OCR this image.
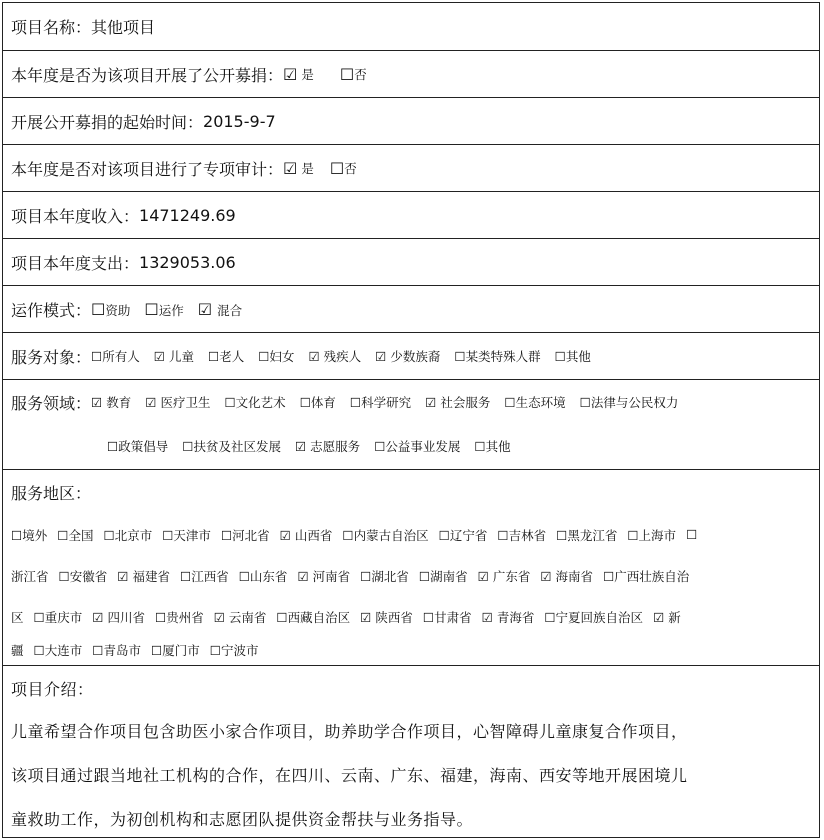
项目名称： 其他项目
本年度是否为该项目开展了公开募捐： ☑ 是 ☐ 否
开展公开募捐的起始时间： 2015-9-7
本年度是否对该项目进行了专项审计： ☑ 是 ☐ 否
项目本年度收入： 1471249.69
项目本年度支出： 1329053.06
运作模式： ☐资助 ☐运作 ☑ 混合
服务对象： ☐所有人 ☑ 儿童 ☐老人 ☐妇女 ☑ 残疾人 ☑ 少数族裔 ☐某类特殊人群 ☐其他
服务领域： ☑ 教育 ☑ 医疗卫生 ☐文化艺术 ☐体育 ☐科学研究 ☑ 社会服务 ☐生态环境 ☐法律与公民权力
☐政策倡导 ☐扶贫及社区发展 ☑ 志愿服务 ☐公益事业发展 ☐其他
服务地区：
☐境外 ☐全国 ☐北京市 ☐天津市 ☐河北省 ☑ 山西省 ☐内蒙古自治区 ☐辽宁省 ☐吉林省 ☐黑龙江省 ☐上海市 ☐
浙江省 ☐安徽省 ☑ 福建省 ☐江西省 ☐山东省 ☑ 河南省 ☐湖北省 ☐湖南省 ☑ 广东省 ☑ 海南省 ☐广西壮族自治
区 ☐重庆市 ☑ 四川省 ☐贵州省 ☑ 云南省 ☐西藏自治区 ☑ 陕西省 ☐甘肃省 ☑ 青海省 ☐宁夏回族自治区 ☑ 新
疆 ☐大连市 ☐青岛市 ☐厦门市 ☐宁波市

项目介绍：

儿童希望合作项目包含助医小家合作项目，助养助学合作项目，心智障碍儿童康复合作项目，

该项目通过跟当地社工机构的合作，在四川、云南、广东、福建，海南、西安等地开展困境儿

童救助工作，为初创机构和志愿团队提供资金帮扶与业务指导。
